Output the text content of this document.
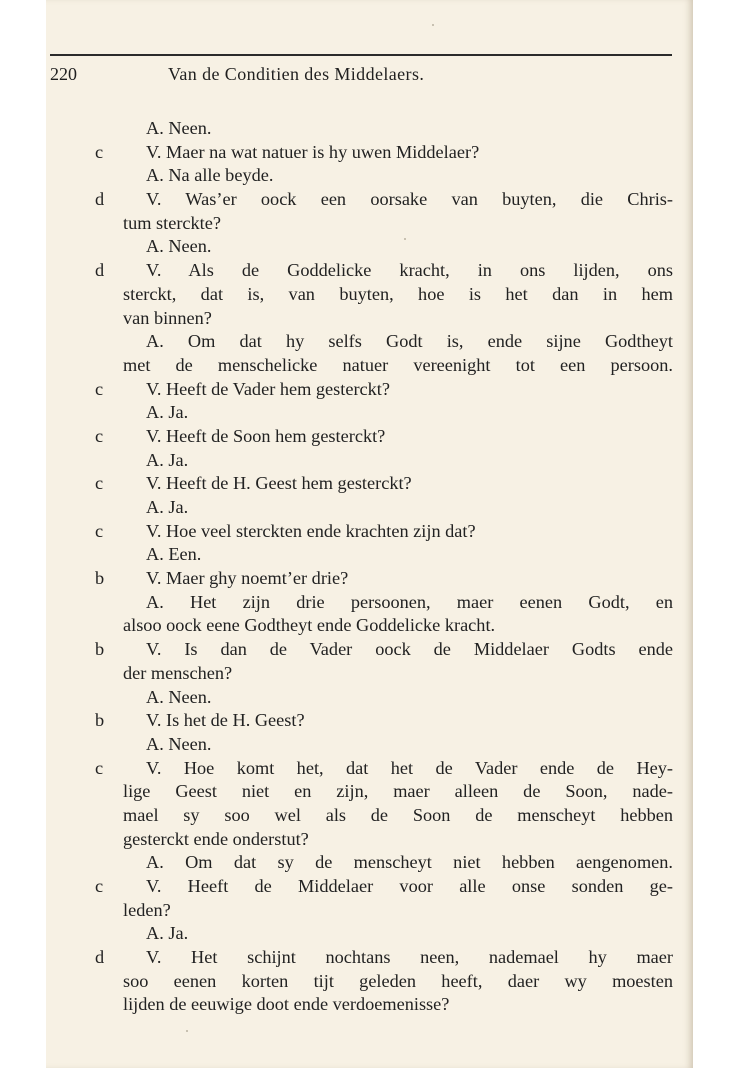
220	Van de Conditien des Middelaers.
A. Neen.
c	V. Maer na wat natuer is hy uwen Middelaer?
A. Na alle beyde.
d	V. Was’er oock een oorsake van buyten, die Chris-
tum sterckte?
A. Neen.
d	V. Als de Goddelicke kracht, in ons lijden, ons
sterckt, dat is, van buyten, hoe is het dan in hem
van binnen?
A. Om dat hy selfs Godt is, ende sijne Godtheyt
met de menschelicke natuer vereenight tot een persoon.
c	V. Heeft de Vader hem gesterckt?
A. Ja.
c	V. Heeft de Soon hem gesterckt?
A. Ja.
c	V. Heeft de H. Geest hem gesterckt?
A. Ja.
c	V. Hoe veel sterckten ende krachten zijn dat?
A. Een.
b	V. Maer ghy noemt’er drie?
A. Het zijn drie persoonen, maer eenen Godt, en
alsoo oock eene Godtheyt ende Goddelicke kracht.
b	V. Is dan de Vader oock de Middelaer Godts ende
der menschen?
A. Neen.
b	V. Is het de H. Geest?
A. Neen.
c	V. Hoe komt het, dat het de Vader ende de Hey-
lige Geest niet en zijn, maer alleen de Soon, nade-
mael sy soo wel als de Soon de menscheyt hebben
gesterckt ende onderstut?
A. Om dat sy de menscheyt niet hebben aengenomen.
c	V. Heeft de Middelaer voor alle onse sonden ge-
leden?
A. Ja.
d	V. Het schijnt nochtans neen, nademael hy maer
soo eenen korten tijt geleden heeft, daer wy moesten
lijden de eeuwige doot ende verdoemenisse?
